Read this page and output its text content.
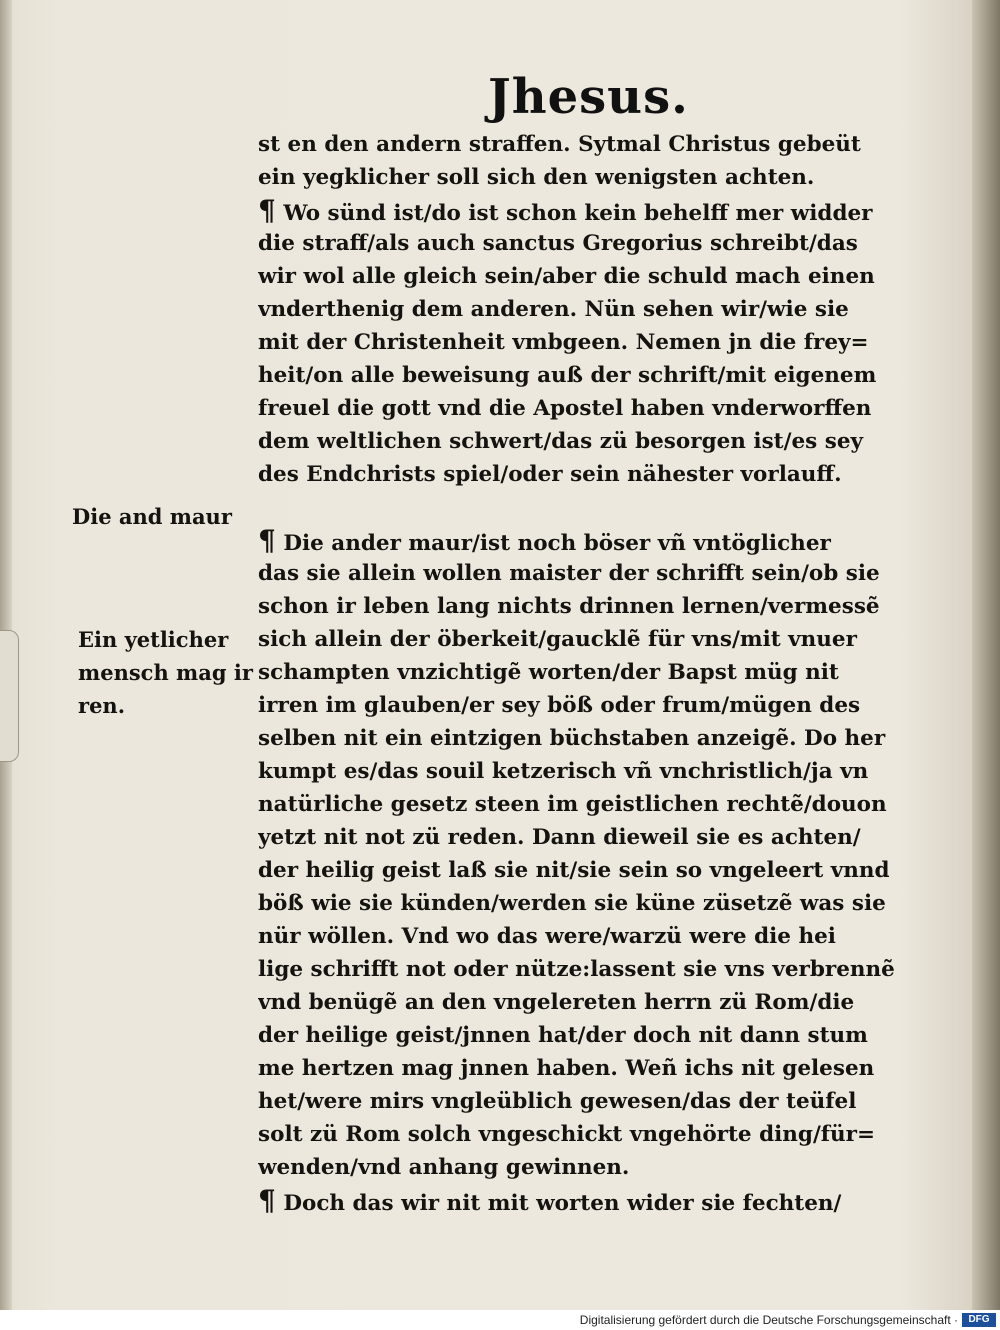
Jhesus.
st en den andern straffen. Sytmal Christus gebeüt
ein yegklicher soll sich den wenigsten achten.
¶ Wo sünd ist/do ist schon kein behelff mer widder
die straff/als auch sanctus Gregorius schreibt/das
wir wol alle gleich sein/aber die schuld mach einen
vnderthenig dem anderen. Nün sehen wir/wie sie
mit der Christenheit vmbgeen. Nemen jn die frey=
heit/on alle beweisung auß der schrift/mit eigenem
freuel die gott vnd die Apostel haben vnderworffen
dem weltlichen schwert/das zü besorgen ist/es sey
des Endchrists spiel/oder sein nähester vorlauff.
¶ Die ander maur/ist noch böser vñ vntöglicher
das sie allein wollen maister der schrifft sein/ob sie
schon ir leben lang nichts drinnen lernen/vermessẽ
sich allein der öberkeit/gaucklẽ für vns/mit vnuer
schampten vnzichtigẽ worten/der Bapst müg nit
irren im glauben/er sey böß oder frum/mügen des
selben nit ein eintzigen büchstaben anzeigẽ. Do her
kumpt es/das souil ketzerisch vñ vnchristlich/ja vn
natürliche gesetz steen im geistlichen rechtẽ/douon
yetzt nit not zü reden. Dann dieweil sie es achten/
der heilig geist laß sie nit/sie sein so vngeleert vnnd
böß wie sie künden/werden sie küne züsetzẽ was sie
nür wöllen. Vnd wo das were/warzü were die hei
lige schrifft not oder nütze:lassent sie vns verbrennẽ
vnd benügẽ an den vngelereten herrn zü Rom/die
der heilige geist/jnnen hat/der doch nit dann stum
me hertzen mag jnnen haben. Weñ ichs nit gelesen
het/were mirs vngleüblich gewesen/das der teüfel
solt zü Rom solch vngeschickt vngehörte ding/für=
wenden/vnd anhang gewinnen.
¶ Doch das wir nit mit worten wider sie fechten/
Die and maur
Ein yetlicher
mensch mag ir
ren.
Digitalisierung gefördert durch die Deutsche Forschungsgemeinschaft ·	DFG
